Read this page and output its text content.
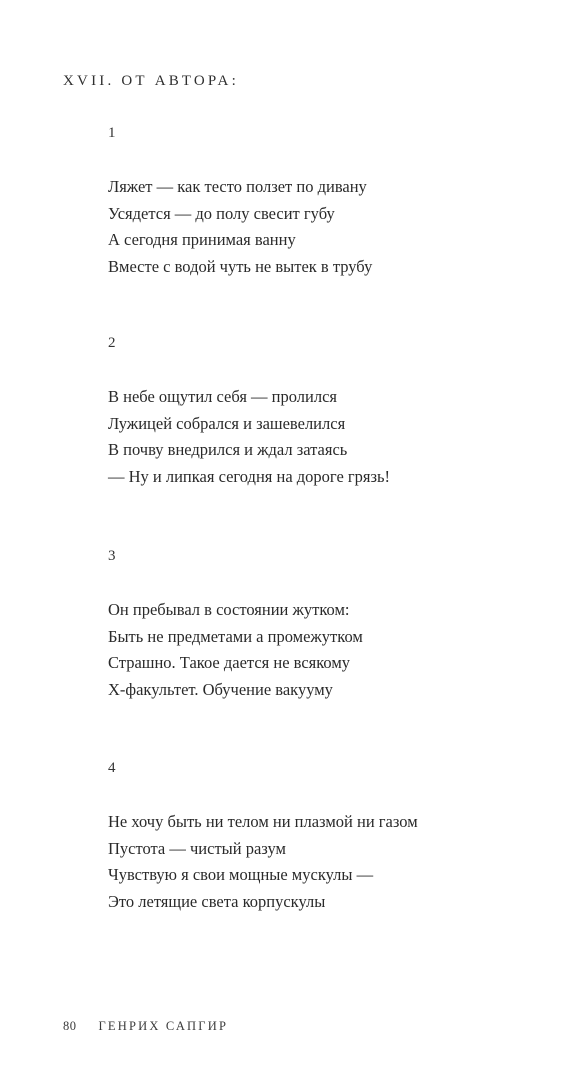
XVII. ОТ АВТОРА:
1
Ляжет — как тесто ползет по дивану
Усядется — до полу свесит губу
А сегодня принимая ванну
Вместе с водой чуть не вытек в трубу
2
В небе ощутил себя — пролился
Лужицей собрался и зашевелился
В почву внедрился и ждал затаясь
— Ну и липкая сегодня на дороге грязь!
3
Он пребывал в состоянии жутком:
Быть не предметами а промежутком
Страшно. Такое дается не всякому
Х-факультет. Обучение вакууму
4
Не хочу быть ни телом ни плазмой ни газом
Пустота — чистый разум
Чувствую я свои мощные мускулы —
Это летящие света корпускулы
80 ГЕНРИХ САПГИР
